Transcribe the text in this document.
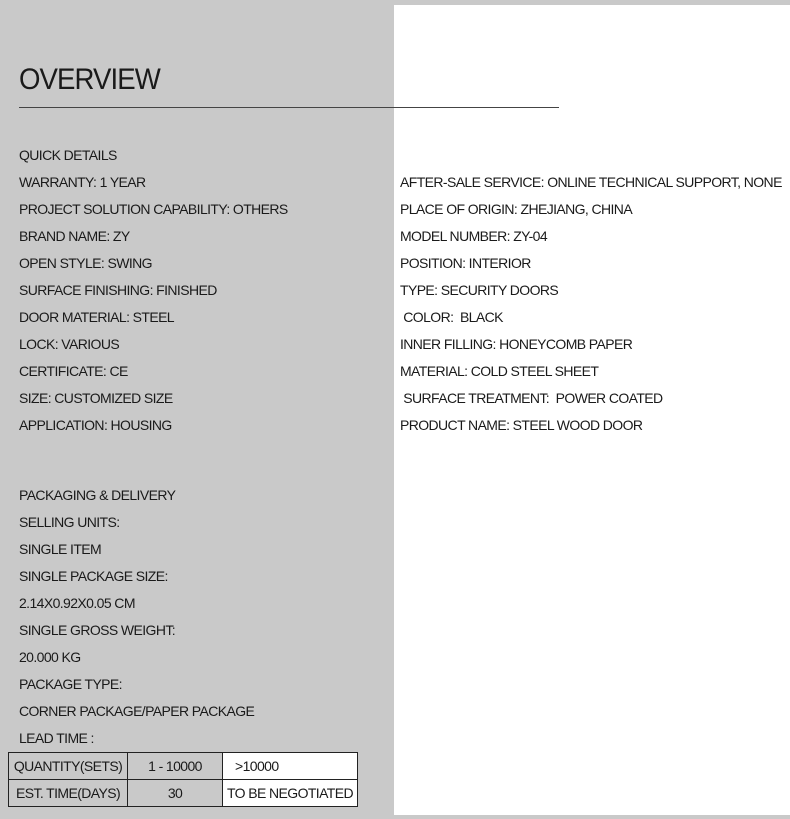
OVERVIEW
QUICK DETAILS
WARRANTY: 1 YEAR
PROJECT SOLUTION CAPABILITY: OTHERS
BRAND NAME: ZY
OPEN STYLE: SWING
SURFACE FINISHING: FINISHED
DOOR MATERIAL: STEEL
LOCK: VARIOUS
CERTIFICATE: CE
SIZE: CUSTOMIZED SIZE
APPLICATION: HOUSING
AFTER-SALE SERVICE: ONLINE TECHNICAL SUPPORT, NONE
PLACE OF ORIGIN: ZHEJIANG, CHINA
MODEL NUMBER: ZY-04
POSITION: INTERIOR
TYPE: SECURITY DOORS
COLOR:  BLACK
INNER FILLING: HONEYCOMB PAPER
MATERIAL: COLD STEEL SHEET
SURFACE TREATMENT:  POWER COATED
PRODUCT NAME: STEEL WOOD DOOR
PACKAGING & DELIVERY
SELLING UNITS:
SINGLE ITEM
SINGLE PACKAGE SIZE:
2.14X0.92X0.05 CM
SINGLE GROSS WEIGHT:
20.000 KG
PACKAGE TYPE:
CORNER PACKAGE/PAPER PACKAGE
LEAD TIME :
QUANTITY(SETS)	1 - 10000	>10000
EST. TIME(DAYS)	30	TO BE NEGOTIATED
